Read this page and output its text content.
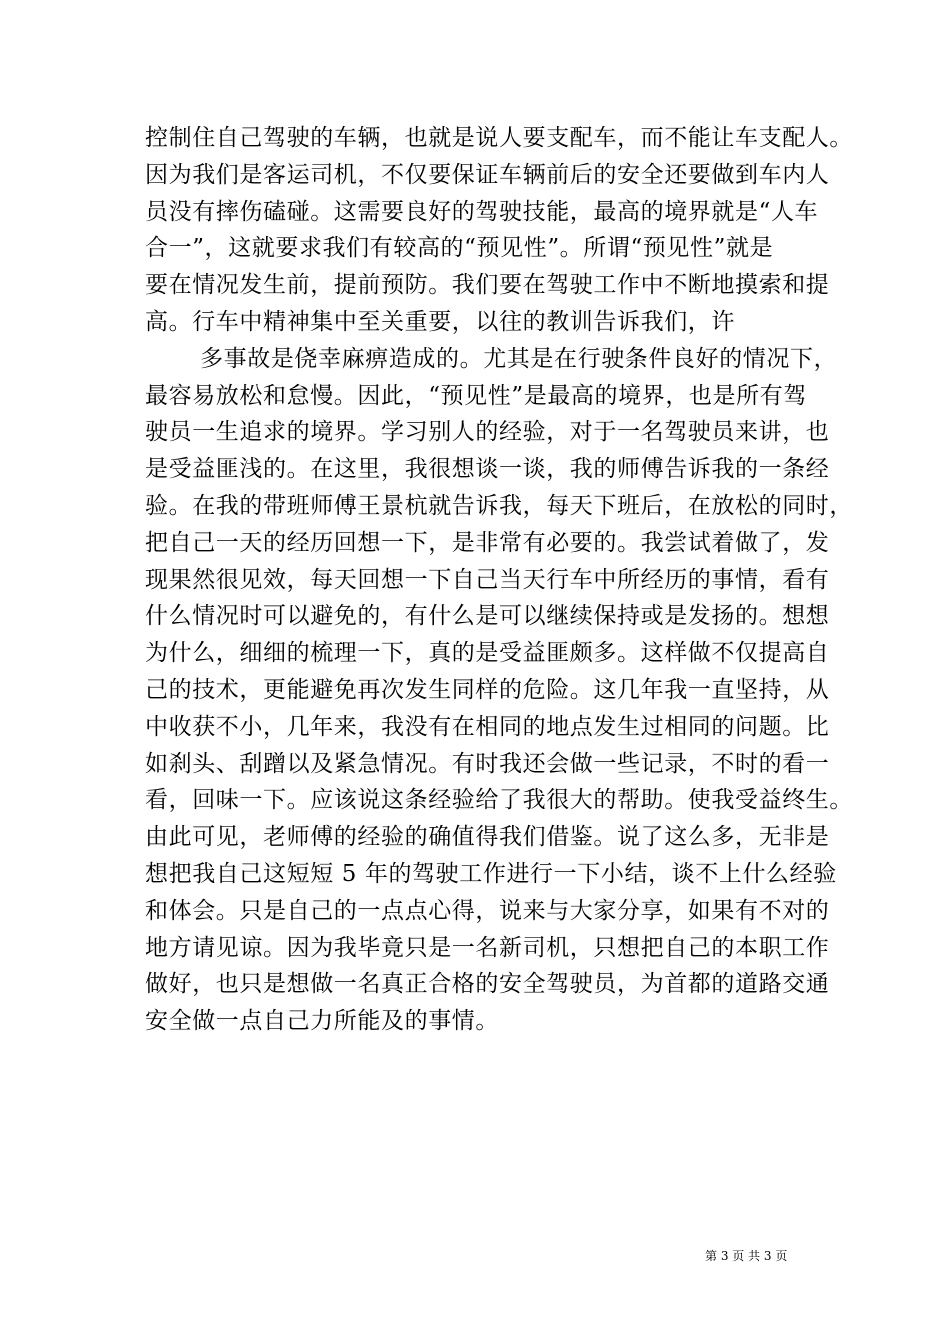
控制住自己驾驶的车辆，也就是说人要支配车，而不能让车支配人。
因为我们是客运司机，不仅要保证车辆前后的安全还要做到车内人
员没有摔伤磕碰。这需要良好的驾驶技能，最高的境界就是“人车
合一”，这就要求我们有较高的“预见性”。所谓“预见性”就是
要在情况发生前，提前预防。我们要在驾驶工作中不断地摸索和提
高。行车中精神集中至关重要，以往的教训告诉我们，许
多事故是侥幸麻痹造成的。尤其是在行驶条件良好的情况下，
最容易放松和怠慢。因此，“预见性”是最高的境界，也是所有驾
驶员一生追求的境界。学习别人的经验，对于一名驾驶员来讲，也
是受益匪浅的。在这里，我很想谈一谈，我的师傅告诉我的一条经
验。在我的带班师傅王景杭就告诉我，每天下班后，在放松的同时，
把自己一天的经历回想一下，是非常有必要的。我尝试着做了，发
现果然很见效，每天回想一下自己当天行车中所经历的事情，看有
什么情况时可以避免的，有什么是可以继续保持或是发扬的。想想
为什么，细细的梳理一下，真的是受益匪颇多。这样做不仅提高自
己的技术，更能避免再次发生同样的危险。这几年我一直坚持，从
中收获不小，几年来，我没有在相同的地点发生过相同的问题。比
如刹头、刮蹭以及紧急情况。有时我还会做一些记录，不时的看一
看，回味一下。应该说这条经验给了我很大的帮助。使我受益终生。
由此可见，老师傅的经验的确值得我们借鉴。说了这么多，无非是
想把我自己这短短 5 年的驾驶工作进行一下小结，谈不上什么经验
和体会。只是自己的一点点心得，说来与大家分享，如果有不对的
地方请见谅。因为我毕竟只是一名新司机，只想把自己的本职工作
做好，也只是想做一名真正合格的安全驾驶员，为首都的道路交通
安全做一点自己力所能及的事情。
第 3 页 共 3 页
